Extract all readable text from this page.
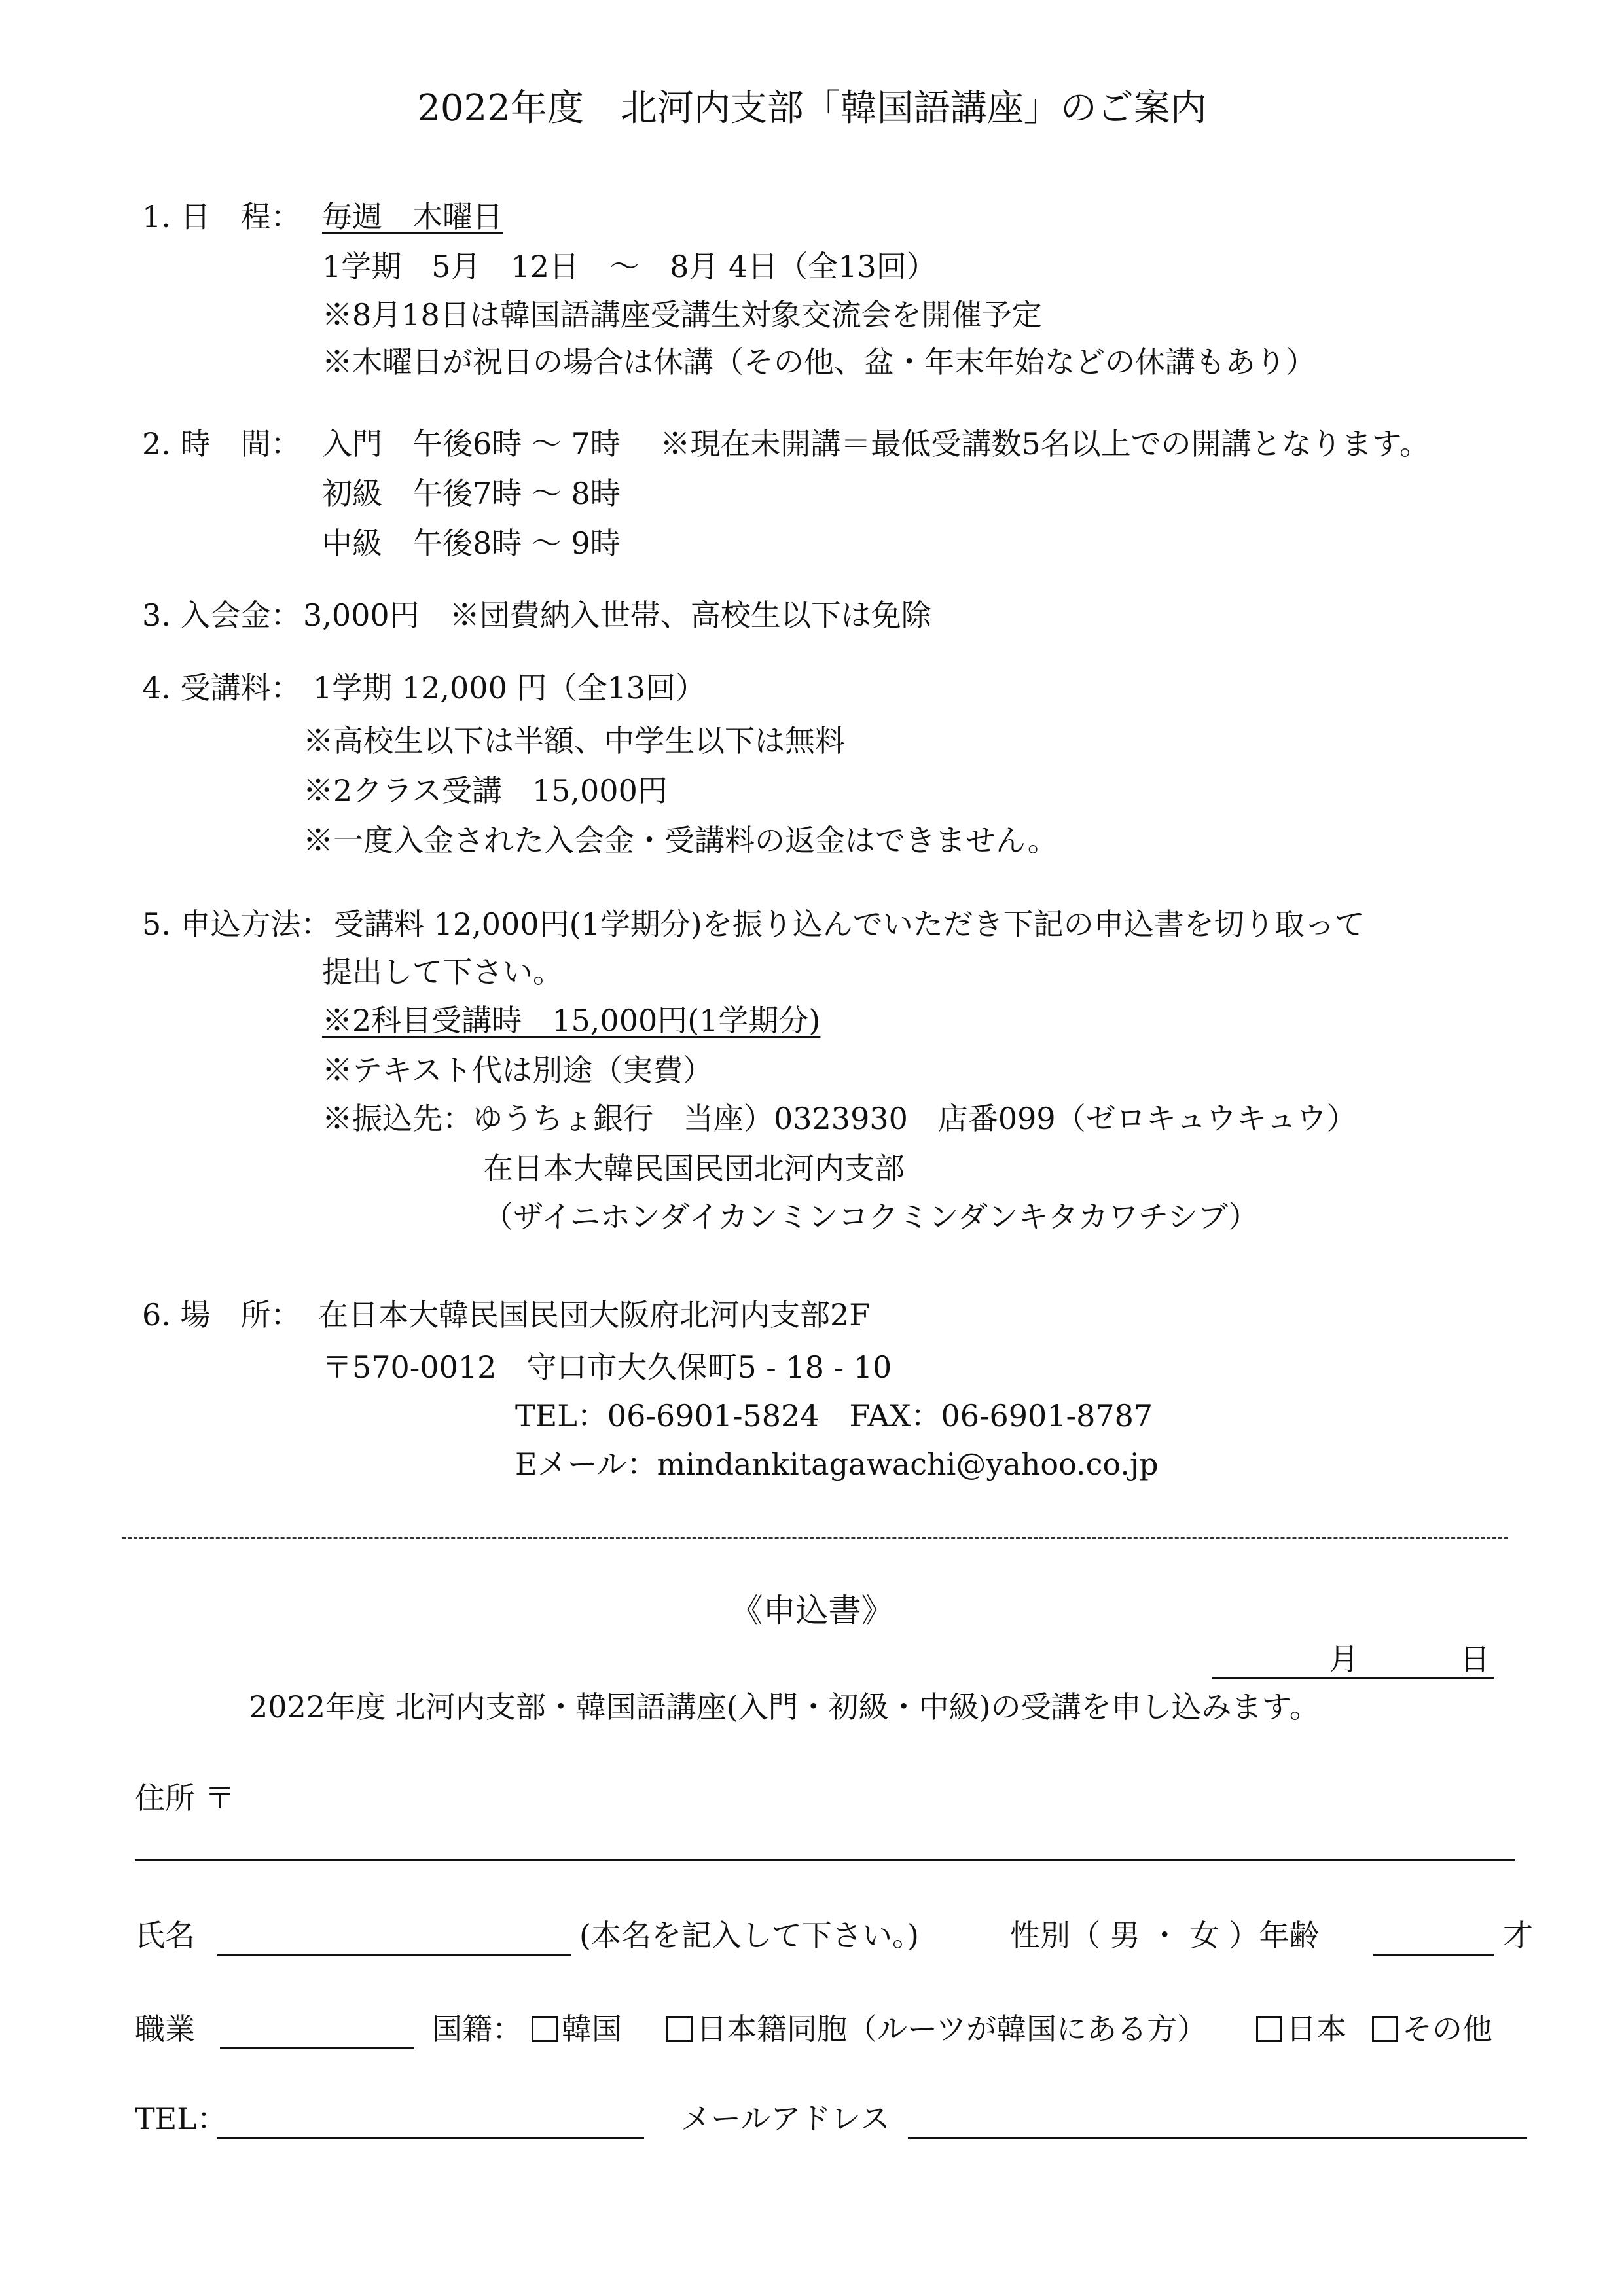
2022年度　北河内支部「韓国語講座」のご案内
1. 日　程： 毎週　木曜日
1学期　5月　12日　～　8月 4日（全13回）
※8月18日は韓国語講座受講生対象交流会を開催予定
※木曜日が祝日の場合は休講（その他、盆・年末年始などの休講もあり）
2. 時　間： 入門　午後6時 ～ 7時　 ※現在未開講＝最低受講数5名以上での開講となります。
初級　午後7時 ～ 8時
中級　午後8時 ～ 9時
3. 入会金： 3,000円　※団費納入世帯、高校生以下は免除
4. 受講料： 1学期 12,000 円（全13回）
※高校生以下は半額、中学生以下は無料
※2クラス受講　15,000円
※一度入金された入会金・受講料の返金はできません。
5. 申込方法： 受講料 12,000円(1学期分)を振り込んでいただき下記の申込書を切り取って
提出して下さい。
※2科目受講時　15,000円(1学期分)
※テキスト代は別途（実費）
※振込先：ゆうちょ銀行　当座）0323930　店番099（ゼロキュウキュウ）
在日本大韓民国民団北河内支部
（ザイニホンダイカンミンコクミンダンキタカワチシブ）
6. 場　所： 在日本大韓民国民団大阪府北河内支部2F
〒570-0012　守口市大久保町5 - 18 - 10
TEL：06-6901-5824　FAX：06-6901-8787
Eメール：mindankitagawachi@yahoo.co.jp
《申込書》
月	日
2022年度 北河内支部・韓国語講座(入門・初級・中級)の受講を申し込みます。
住所 〒
氏名	(本名を記入して下さい。)	性別（ 男 ・ 女 ）年齢	才
職業	国籍：	韓国	日本籍同胞（ルーツが韓国にある方）	日本	その他
TEL：	メールアドレス
